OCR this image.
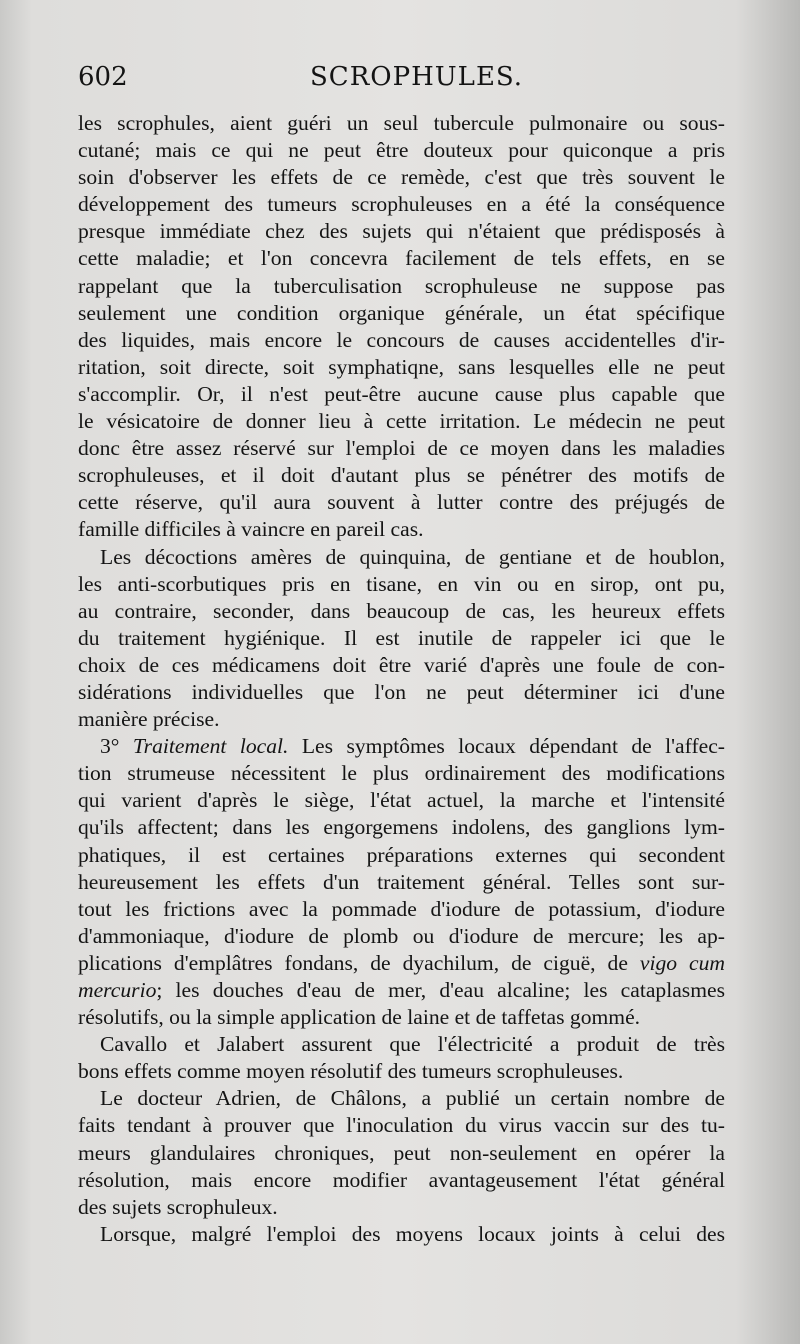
602	SCROPHULES.
les scrophules, aient guéri un seul tubercule pulmonaire ou sous-
cutané; mais ce qui ne peut être douteux pour quiconque a pris
soin d'observer les effets de ce remède, c'est que très souvent le
développement des tumeurs scrophuleuses en a été la conséquence
presque immédiate chez des sujets qui n'étaient que prédisposés à
cette maladie; et l'on concevra facilement de tels effets, en se
rappelant que la tuberculisation scrophuleuse ne suppose pas
seulement une condition organique générale, un état spécifique
des liquides, mais encore le concours de causes accidentelles d'ir-
ritation, soit directe, soit symphatiqne, sans lesquelles elle ne peut
s'accomplir. Or, il n'est peut-être aucune cause plus capable que
le vésicatoire de donner lieu à cette irritation. Le médecin ne peut
donc être assez réservé sur l'emploi de ce moyen dans les maladies
scrophuleuses, et il doit d'autant plus se pénétrer des motifs de
cette réserve, qu'il aura souvent à lutter contre des préjugés de
famille difficiles à vaincre en pareil cas.
Les décoctions amères de quinquina, de gentiane et de houblon,
les anti-scorbutiques pris en tisane, en vin ou en sirop, ont pu,
au contraire, seconder, dans beaucoup de cas, les heureux effets
du traitement hygiénique. Il est inutile de rappeler ici que le
choix de ces médicamens doit être varié d'après une foule de con-
sidérations individuelles que l'on ne peut déterminer ici d'une
manière précise.
3° Traitement local. Les symptômes locaux dépendant de l'affec-
tion strumeuse nécessitent le plus ordinairement des modifications
qui varient d'après le siège, l'état actuel, la marche et l'intensité
qu'ils affectent; dans les engorgemens indolens, des ganglions lym-
phatiques, il est certaines préparations externes qui secondent
heureusement les effets d'un traitement général. Telles sont sur-
tout les frictions avec la pommade d'iodure de potassium, d'iodure
d'ammoniaque, d'iodure de plomb ou d'iodure de mercure; les ap-
plications d'emplâtres fondans, de dyachilum, de ciguë, de vigo cum
mercurio; les douches d'eau de mer, d'eau alcaline; les cataplasmes
résolutifs, ou la simple application de laine et de taffetas gommé.
Cavallo et Jalabert assurent que l'électricité a produit de très
bons effets comme moyen résolutif des tumeurs scrophuleuses.
Le docteur Adrien, de Châlons, a publié un certain nombre de
faits tendant à prouver que l'inoculation du virus vaccin sur des tu-
meurs glandulaires chroniques, peut non-seulement en opérer la
résolution, mais encore modifier avantageusement l'état général
des sujets scrophuleux.
Lorsque, malgré l'emploi des moyens locaux joints à celui des
